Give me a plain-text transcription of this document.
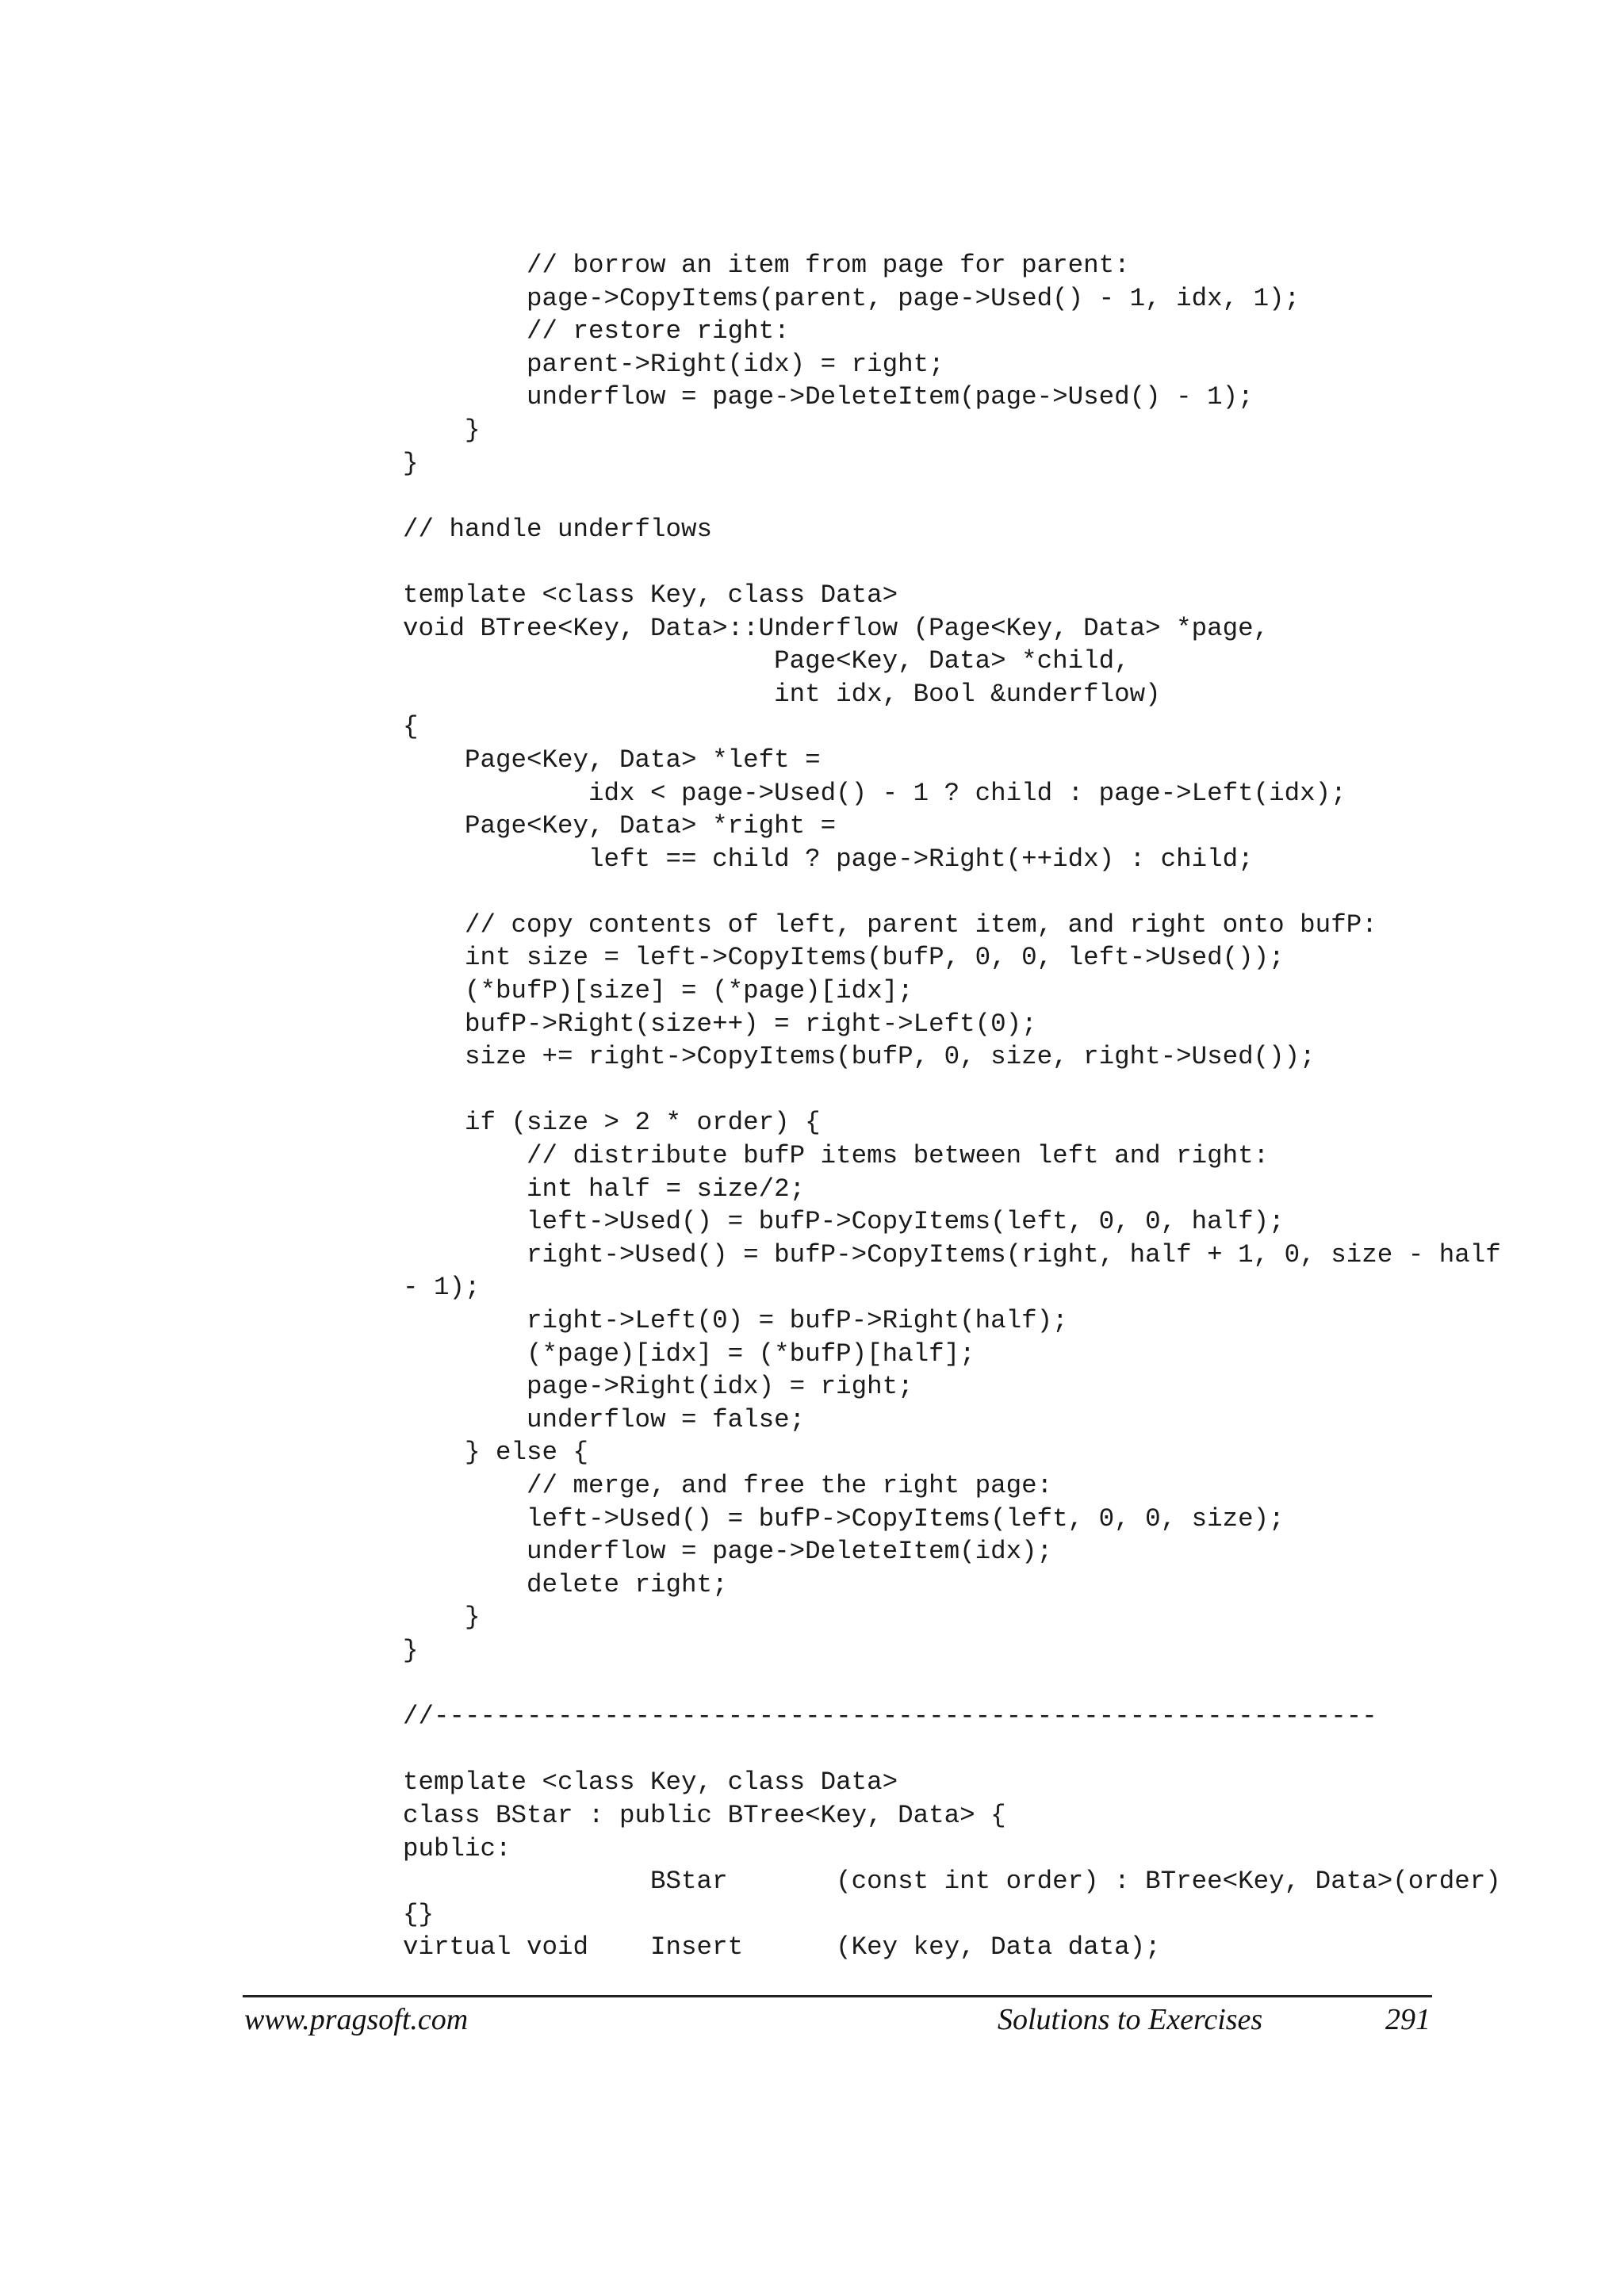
// borrow an item from page for parent:
page->CopyItems(parent, page->Used() - 1, idx, 1);
// restore right:
parent->Right(idx) = right;
underflow = page->DeleteItem(page->Used() - 1);
}
}
// handle underflows
template <class Key, class Data>
void BTree<Key, Data>::Underflow (Page<Key, Data> *page,
Page<Key, Data> *child,
int idx, Bool &underflow)
{
Page<Key, Data> *left =
idx < page->Used() - 1 ? child : page->Left(idx);
Page<Key, Data> *right =
left == child ? page->Right(++idx) : child;
// copy contents of left, parent item, and right onto bufP:
int size = left->CopyItems(bufP, 0, 0, left->Used());
(*bufP)[size] = (*page)[idx];
bufP->Right(size++) = right->Left(0);
size += right->CopyItems(bufP, 0, size, right->Used());
if (size > 2 * order) {
// distribute bufP items between left and right:
int half = size/2;
left->Used() = bufP->CopyItems(left, 0, 0, half);
right->Used() = bufP->CopyItems(right, half + 1, 0, size - half
- 1);
right->Left(0) = bufP->Right(half);
(*page)[idx] = (*bufP)[half];
page->Right(idx) = right;
underflow = false;
} else {
// merge, and free the right page:
left->Used() = bufP->CopyItems(left, 0, 0, size);
underflow = page->DeleteItem(idx);
delete right;
}
}
//-------------------------------------------------------------
template <class Key, class Data>
class BStar : public BTree<Key, Data> {
public:
BStar       (const int order) : BTree<Key, Data>(order)
{}
virtual void    Insert      (Key key, Data data);
www.pragsoft.com	Solutions to Exercises	291
